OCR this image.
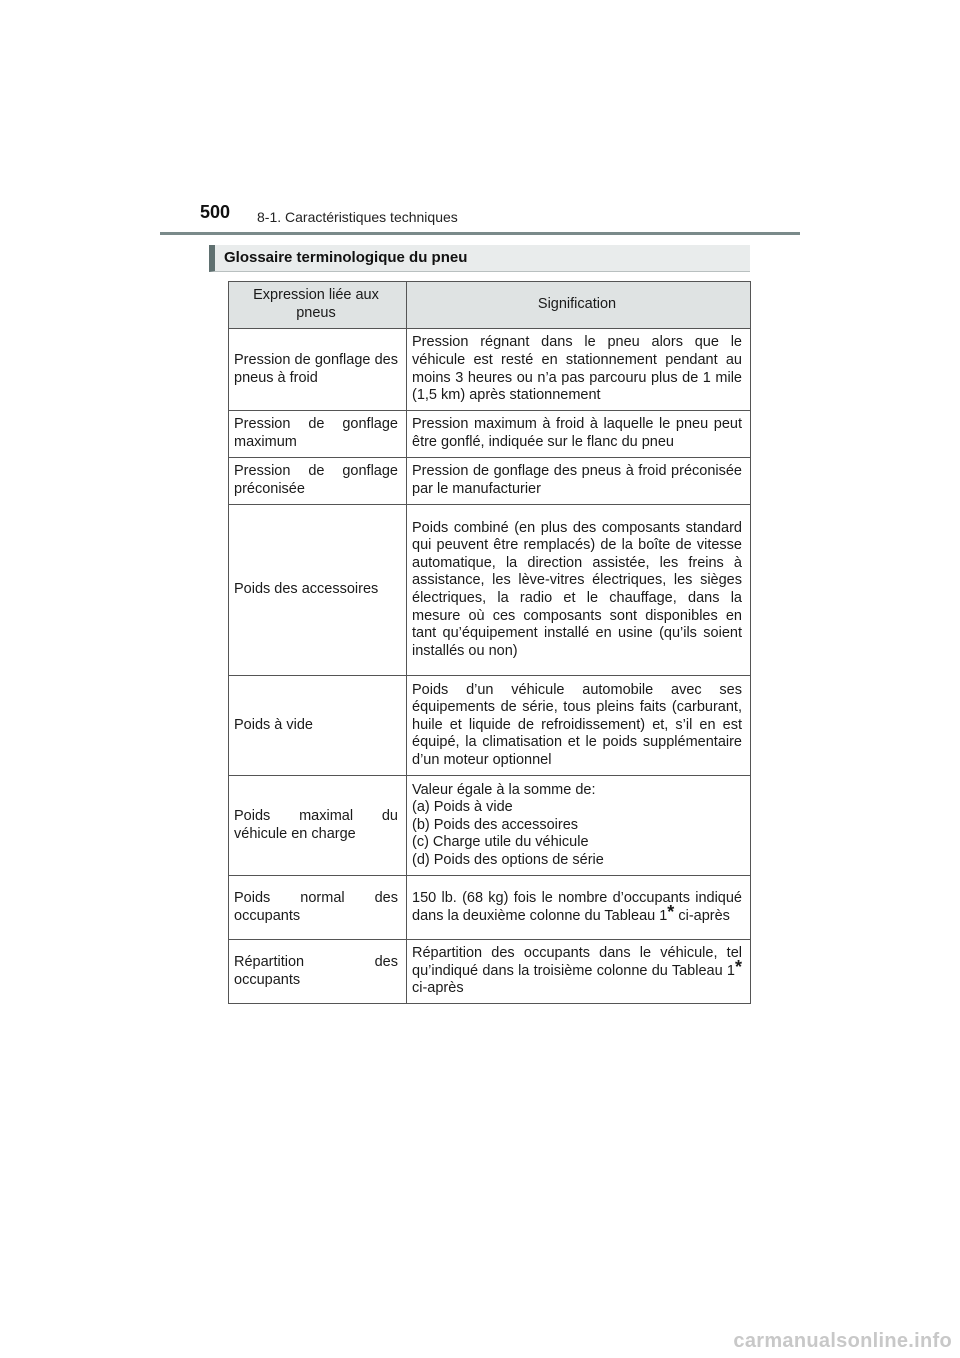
500 8-1. Caractéristiques techniques
Glossaire terminologique du pneu
Expression liée aux pneus	Signification
Pression de gonflage des pneus à froid	Pression régnant dans le pneu alors que le véhicule est resté en stationnement pendant au moins 3 heures ou n’a pas parcouru plus de 1 mile (1,5 km) après stationnement
Pression de gonflage maximum	Pression maximum à froid à laquelle le pneu peut être gonflé, indiquée sur le flanc du pneu
Pression de gonflage préconisée	Pression de gonflage des pneus à froid préconisée par le manufacturier
Poids des accessoires	Poids combiné (en plus des composants standard qui peuvent être remplacés) de la boîte de vitesse automatique, la direction assistée, les freins à assistance, les lève-vitres électriques, les sièges électriques, la radio et le chauffage, dans la mesure où ces composants sont disponibles en tant qu’équipement installé en usine (qu’ils soient installés ou non)
Poids à vide	Poids d’un véhicule automobile avec ses équipements de série, tous pleins faits (carburant, huile et liquide de refroidissement) et, s’il en est équipé, la climatisation et le poids supplémentaire d’un moteur optionnel
Poids maximal du véhicule en charge	Valeur égale à la somme de:
(a) Poids à vide
(b) Poids des accessoires
(c) Charge utile du véhicule
(d) Poids des options de série

Poids normal des occupants	150 lb. (68 kg) fois le nombre d’occupants indiqué dans la deuxième colonne du Tableau 1* ci-après
Répartition des occupants	Répartition des occupants dans le véhicule, tel qu’indiqué dans la troisième colonne du Tableau 1* ci-après
carmanualsonline.info
